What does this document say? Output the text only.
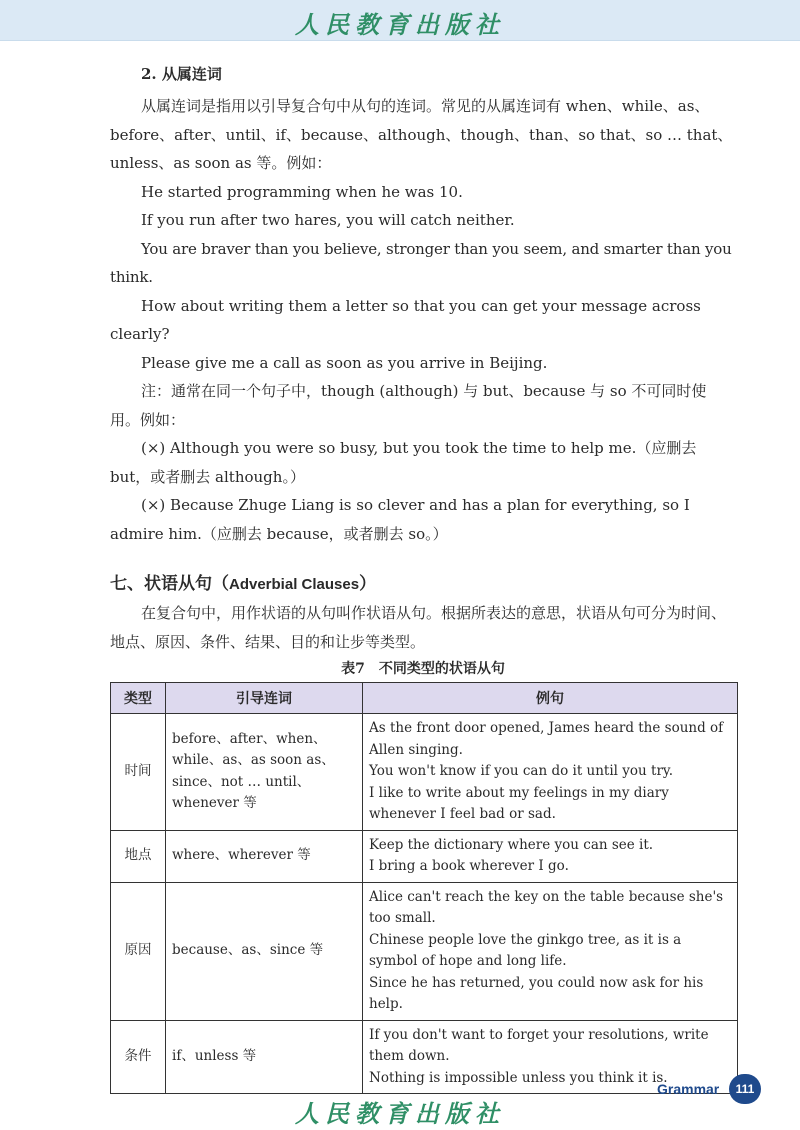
人民教育出版社

2. 从属连词

从属连词是指用以引导复合句中从句的连词。常见的从属连词有 when、while、as、before、after、until、if、because、although、though、than、so that、so … that、unless、as soon as 等。例如：

He started programming when he was 10.

If you run after two hares, you will catch neither.

You are braver than you believe, stronger than you seem, and smarter than you think.

How about writing them a letter so that you can get your message across clearly?

Please give me a call as soon as you arrive in Beijing.

注：通常在同一个句子中，though (although) 与 but、because 与 so 不可同时使用。例如：

(×) Although you were so busy, but you took the time to help me.（应删去 but，或者删去 although。）

(×) Because Zhuge Liang is so clever and has a plan for everything, so I admire him.（应删去 because，或者删去 so。）

七、状语从句（Adverbial Clauses）

在复合句中，用作状语的从句叫作状语从句。根据所表达的意思，状语从句可分为时间、地点、原因、条件、结果、目的和让步等类型。

表7　不同类型的状语从句
类型	引导连词	例句
时间	before、after、when、while、as、as soon as、since、not … until、whenever 等	As the front door opened, James heard the sound of Allen singing.
You won't know if you can do it until you try.
I like to write about my feelings in my diary whenever I feel bad or sad.

地点	where、wherever 等	Keep the dictionary where you can see it.
I bring a book wherever I go.

原因	because、as、since 等	Alice can't reach the key on the table because she's too small.
Chinese people love the ginkgo tree, as it is a symbol of hope and long life.
Since he has returned, you could now ask for his help.

条件	if、unless 等	If you don't want to forget your resolutions, write them down.
Nothing is impossible unless you think it is.
Grammar	111
人民教育出版社
